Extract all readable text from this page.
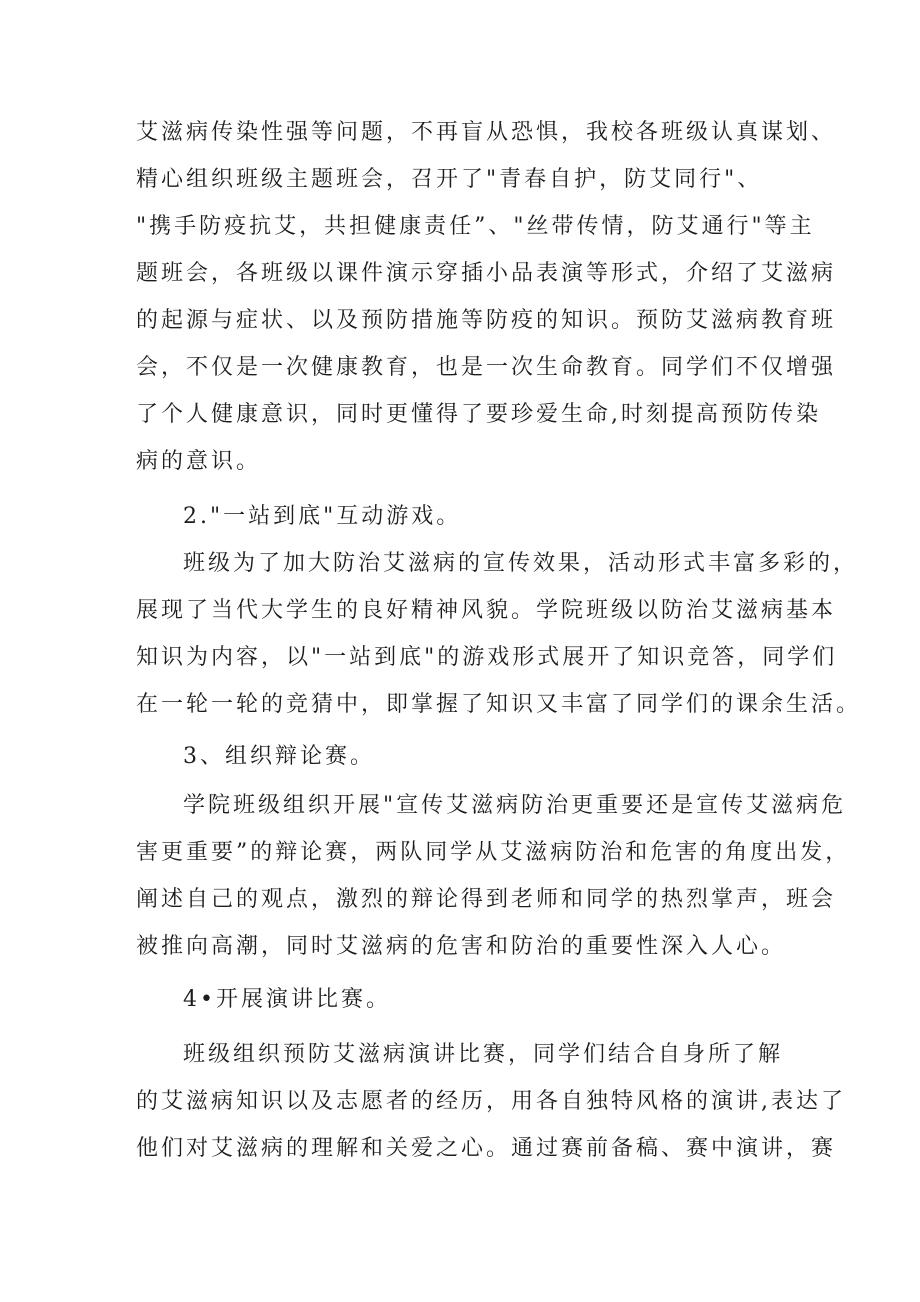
艾滋病传染性强等问题，不再盲从恐惧，我校各班级认真谋划、

精心组织班级主题班会，召开了"青春自护，防艾同行"、

"携手防疫抗艾，共担健康责任”、"丝带传情，防艾通行"等主

题班会，各班级以课件演示穿插小品表演等形式，介绍了艾滋病

的起源与症状、以及预防措施等防疫的知识。预防艾滋病教育班

会，不仅是一次健康教育，也是一次生命教育。同学们不仅增强

了个人健康意识，同时更懂得了要珍爱生命,时刻提高预防传染

病的意识。

2."一站到底"互动游戏。

班级为了加大防治艾滋病的宣传效果，活动形式丰富多彩的，

展现了当代大学生的良好精神风貌。学院班级以防治艾滋病基本

知识为内容，以"一站到底"的游戏形式展开了知识竞答，同学们

在一轮一轮的竞猜中，即掌握了知识又丰富了同学们的课余生活。

3、组织辩论赛。

学院班级组织开展"宣传艾滋病防治更重要还是宣传艾滋病危

害更重要”的辩论赛，两队同学从艾滋病防治和危害的角度出发，

阐述自己的观点，激烈的辩论得到老师和同学的热烈掌声，班会

被推向高潮，同时艾滋病的危害和防治的重要性深入人心。

4•开展演讲比赛。

班级组织预防艾滋病演讲比赛，同学们结合自身所了解

的艾滋病知识以及志愿者的经历，用各自独特风格的演讲,表达了

他们对艾滋病的理解和关爱之心。通过赛前备稿、赛中演讲，赛
